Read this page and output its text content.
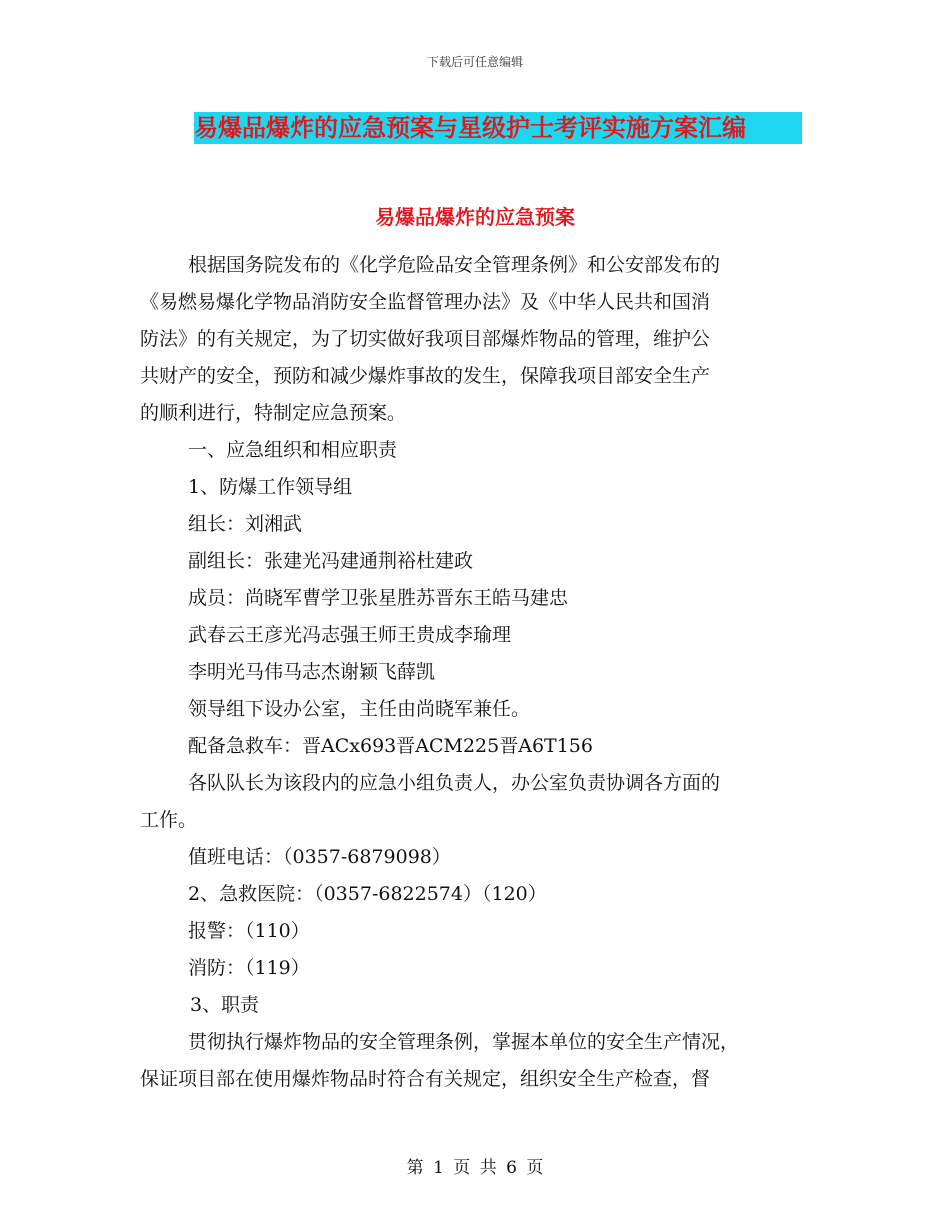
下载后可任意编辑
易爆品爆炸的应急预案与星级护士考评实施方案汇编
易爆品爆炸的应急预案

根据国务院发布的《化学危险品安全管理条例》和公安部发布的

《易燃易爆化学物品消防安全监督管理办法》及《中华人民共和国消

防法》的有关规定，为了切实做好我项目部爆炸物品的管理，维护公

共财产的安全，预防和减少爆炸事故的发生，保障我项目部安全生产

的顺利进行，特制定应急预案。

一、应急组织和相应职责

1、防爆工作领导组

组长：刘湘武

副组长：张建光冯建通荆裕杜建政

成员：尚晓军曹学卫张星胜苏晋东王皓马建忠

武春云王彦光冯志强王师王贵成李瑜理

李明光马伟马志杰谢颖飞薛凯

领导组下设办公室，主任由尚晓军兼任。

配备急救车：晋ACx693晋ACM225晋A6T156

各队队长为该段内的应急小组负责人，办公室负责协调各方面的

工作。

值班电话：（0357-6879098）

2、急救医院：（0357-6822574）（120）

报警：（110）

消防：（119）

3、职责

贯彻执行爆炸物品的安全管理条例，掌握本单位的安全生产情况，

保证项目部在使用爆炸物品时符合有关规定，组织安全生产检查，督

第 1 页 共 6 页
